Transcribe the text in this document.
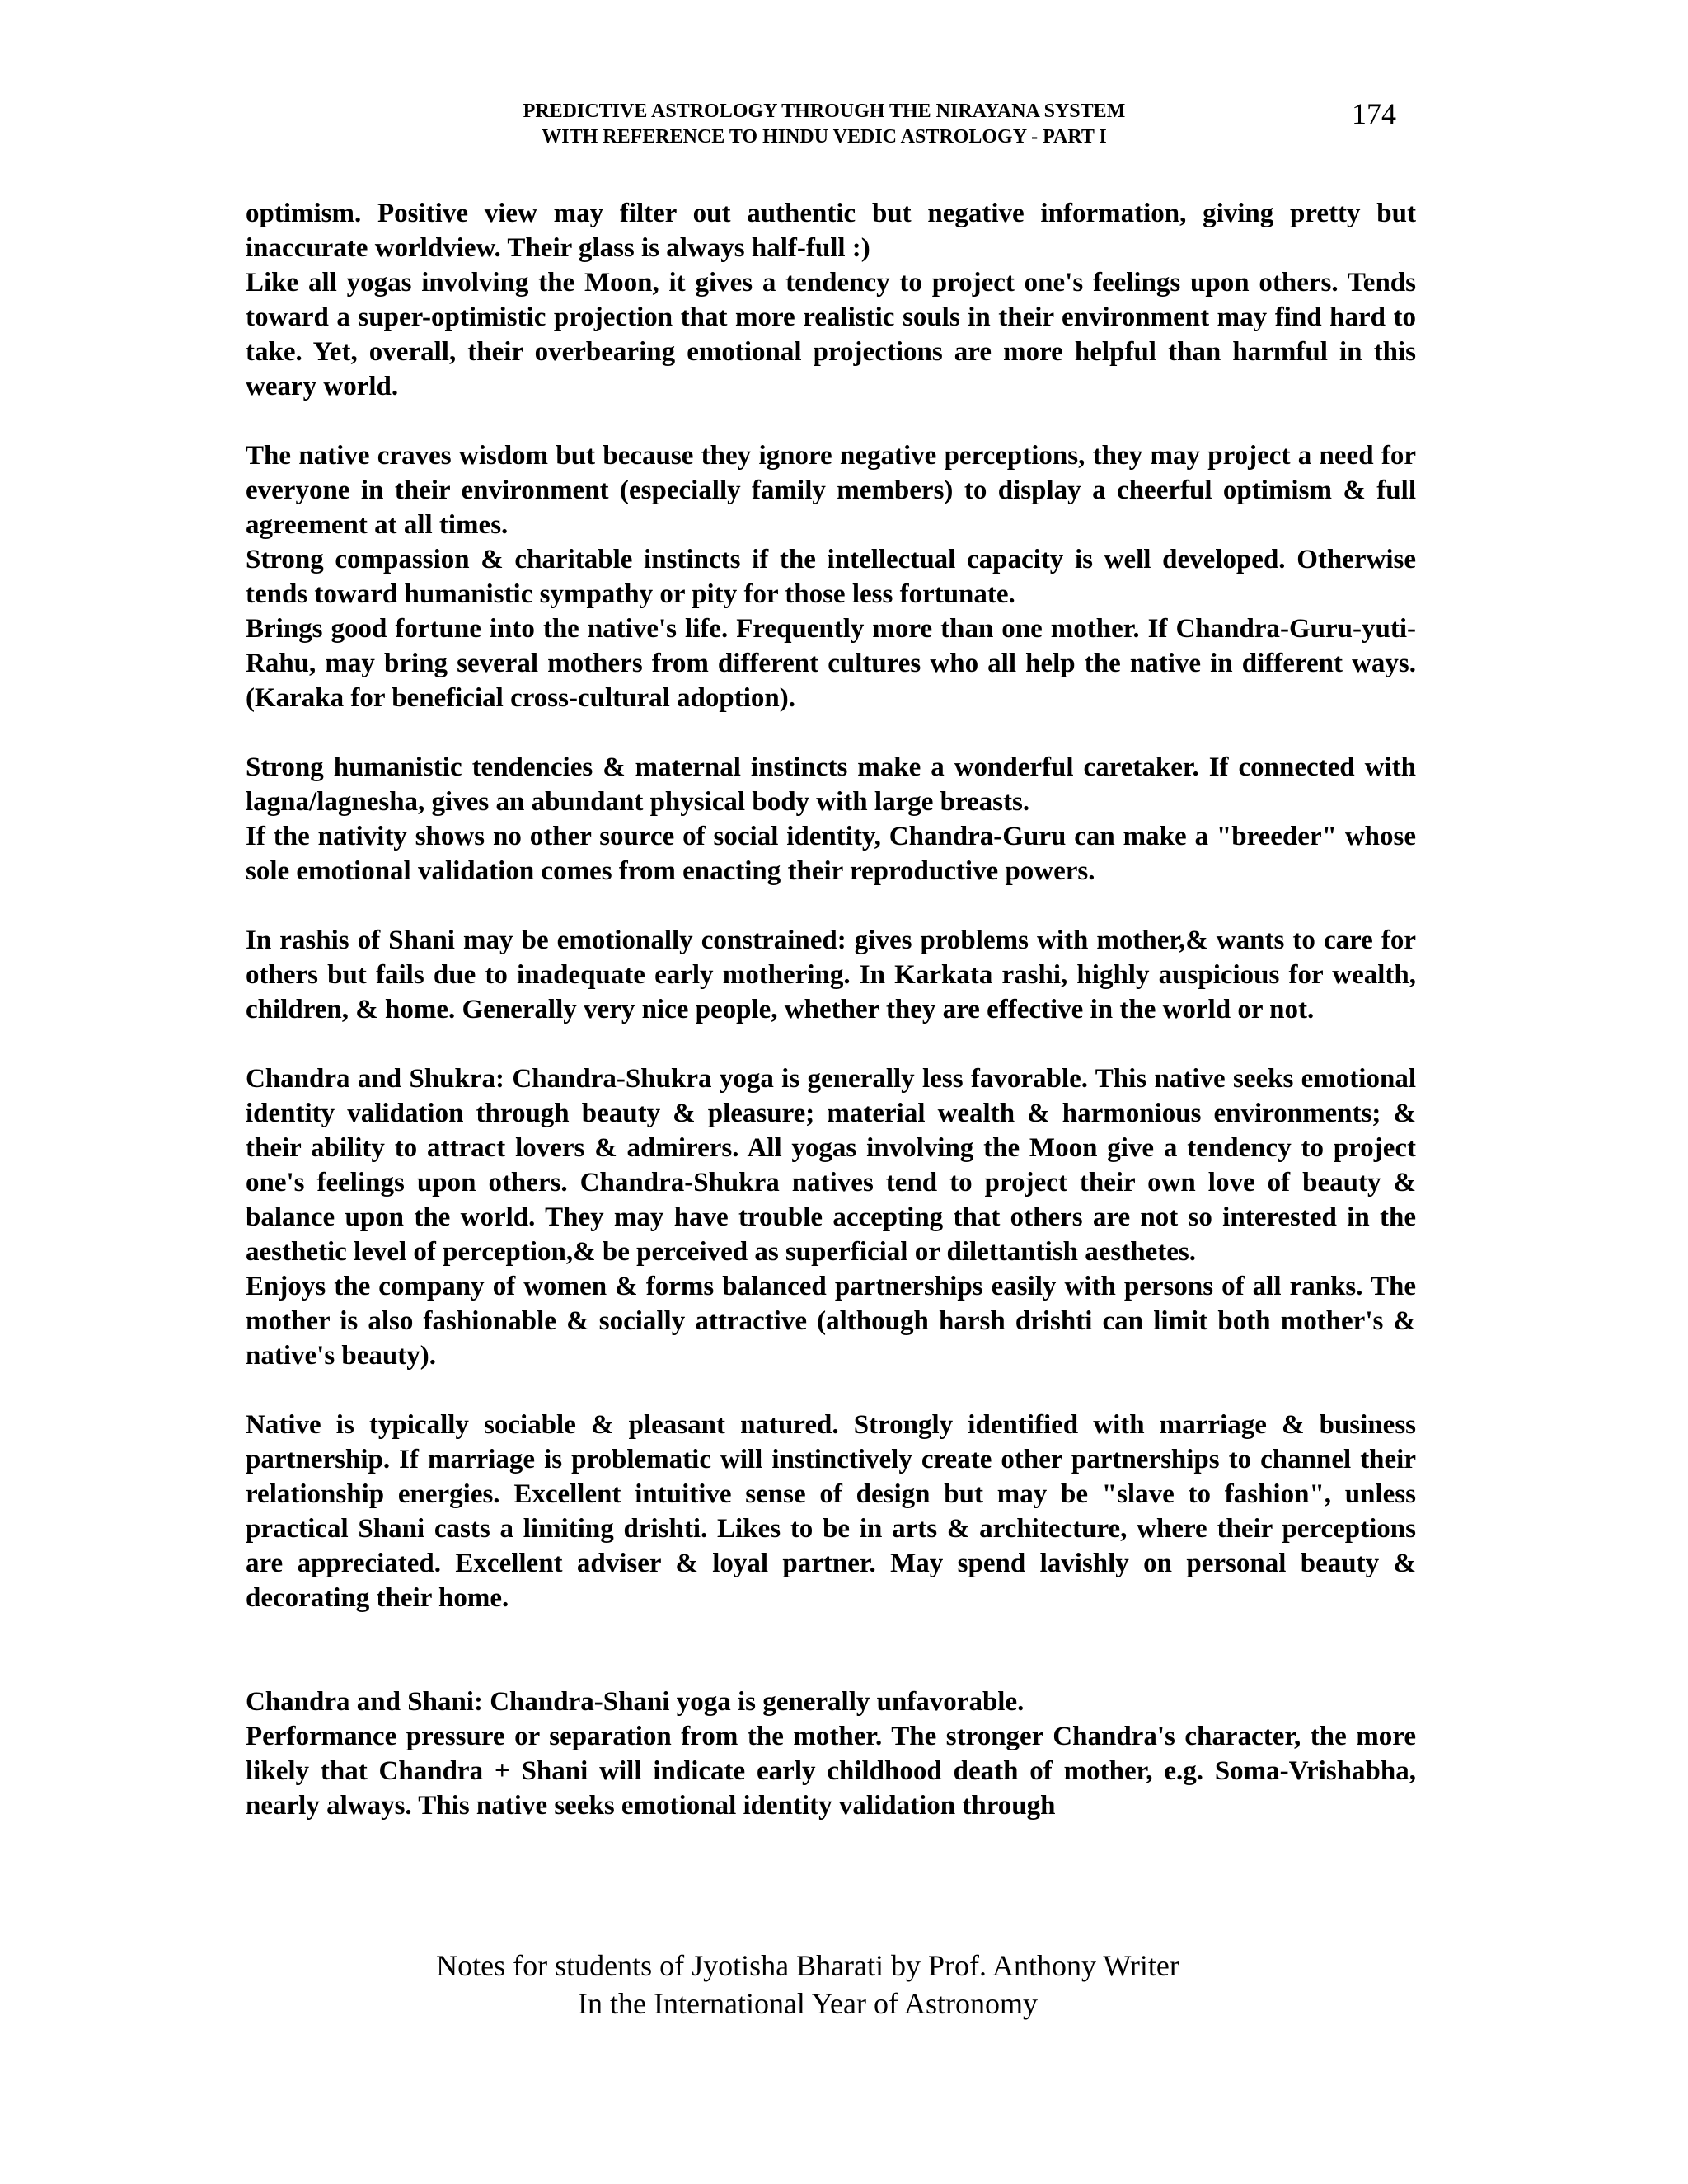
PREDICTIVE ASTROLOGY THROUGH THE NIRAYANA SYSTEM
WITH REFERENCE TO HINDU VEDIC ASTROLOGY - PART I
174

optimism. Positive view may filter out authentic but negative information, giving pretty but inaccurate worldview. Their glass is always half-full :)

Like all yogas involving the Moon, it gives a tendency to project one's feelings upon others. Tends toward a super-optimistic projection that more realistic souls in their environment may find hard to take. Yet, overall, their overbearing emotional projections are more helpful than harmful in this weary world.

The native craves wisdom but because they ignore negative perceptions, they may project a need for everyone in their environment (especially family members) to display a cheerful optimism & full agreement at all times.

Strong compassion & charitable instincts if the intellectual capacity is well developed. Otherwise tends toward humanistic sympathy or pity for those less fortunate.

Brings good fortune into the native's life. Frequently more than one mother. If Chandra-Guru-yuti-Rahu, may bring several mothers from different cultures who all help the native in different ways. (Karaka for beneficial cross-cultural adoption).

Strong humanistic tendencies & maternal instincts make a wonderful caretaker. If connected with lagna/lagnesha, gives an abundant physical body with large breasts.

If the nativity shows no other source of social identity, Chandra-Guru can make a "breeder" whose sole emotional validation comes from enacting their reproductive powers.

In rashis of Shani may be emotionally constrained: gives problems with mother,& wants to care for others but fails due to inadequate early mothering. In Karkata rashi, highly auspicious for wealth, children, & home. Generally very nice people, whether they are effective in the world or not.

Chandra and Shukra: Chandra-Shukra yoga is generally less favorable. This native seeks emotional identity validation through beauty & pleasure; material wealth & harmonious environments; & their ability to attract lovers & admirers. All yogas involving the Moon give a tendency to project one's feelings upon others. Chandra-Shukra natives tend to project their own love of beauty & balance upon the world. They may have trouble accepting that others are not so interested in the aesthetic level of perception,& be perceived as superficial or dilettantish aesthetes.

Enjoys the company of women & forms balanced partnerships easily with persons of all ranks. The mother is also fashionable & socially attractive (although harsh drishti can limit both mother's & native's beauty).

Native is typically sociable & pleasant natured. Strongly identified with marriage & business partnership. If marriage is problematic will instinctively create other partnerships to channel their relationship energies. Excellent intuitive sense of design but may be "slave to fashion", unless practical Shani casts a limiting drishti. Likes to be in arts & architecture, where their perceptions are appreciated. Excellent adviser & loyal partner. May spend lavishly on personal beauty & decorating their home.

Chandra and Shani: Chandra-Shani yoga is generally unfavorable.

Performance pressure or separation from the mother. The stronger Chandra's character, the more likely that Chandra + Shani will indicate early childhood death of mother, e.g. Soma-Vrishabha, nearly always. This native seeks emotional identity validation through

Notes for students of Jyotisha Bharati by Prof. Anthony Writer

In the International Year of Astronomy
